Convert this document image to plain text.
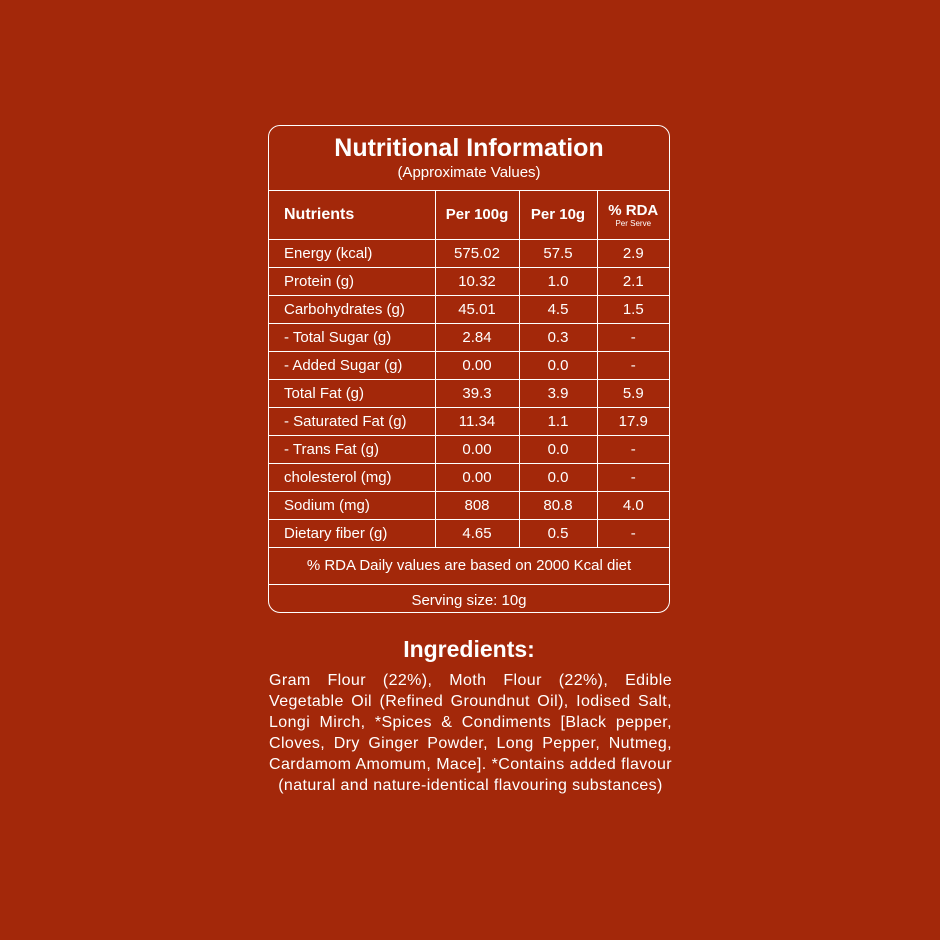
Nutritional Information
(Approximate Values)
Nutrients	Per 100g	Per 10g	% RDA
Per Serve

Energy (kcal)	575.02	57.5	2.9
Protein (g)	10.32	1.0	2.1
Carbohydrates (g)	45.01	4.5	1.5
- Total Sugar (g)	2.84	0.3	-
- Added Sugar (g)	0.00	0.0	-
Total Fat (g)	39.3	3.9	5.9
- Saturated Fat (g)	11.34	1.1	17.9
- Trans Fat (g)	0.00	0.0	-
cholesterol (mg)	0.00	0.0	-
Sodium (mg)	808	80.8	4.0
Dietary fiber (g)	4.65	0.5	-
% RDA Daily values are based on 2000 Kcal diet
Serving size: 10g
Ingredients:
Gram Flour (22%), Moth Flour (22%), Edible Vegetable Oil (Refined Groundnut Oil), Iodised Salt, Longi Mirch, *Spices & Condiments [Black pepper, Cloves, Dry Ginger Powder, Long Pepper, Nutmeg, Cardamom Amomum, Mace]. *Contains added flavour (natural and nature-identical flavouring substances)
